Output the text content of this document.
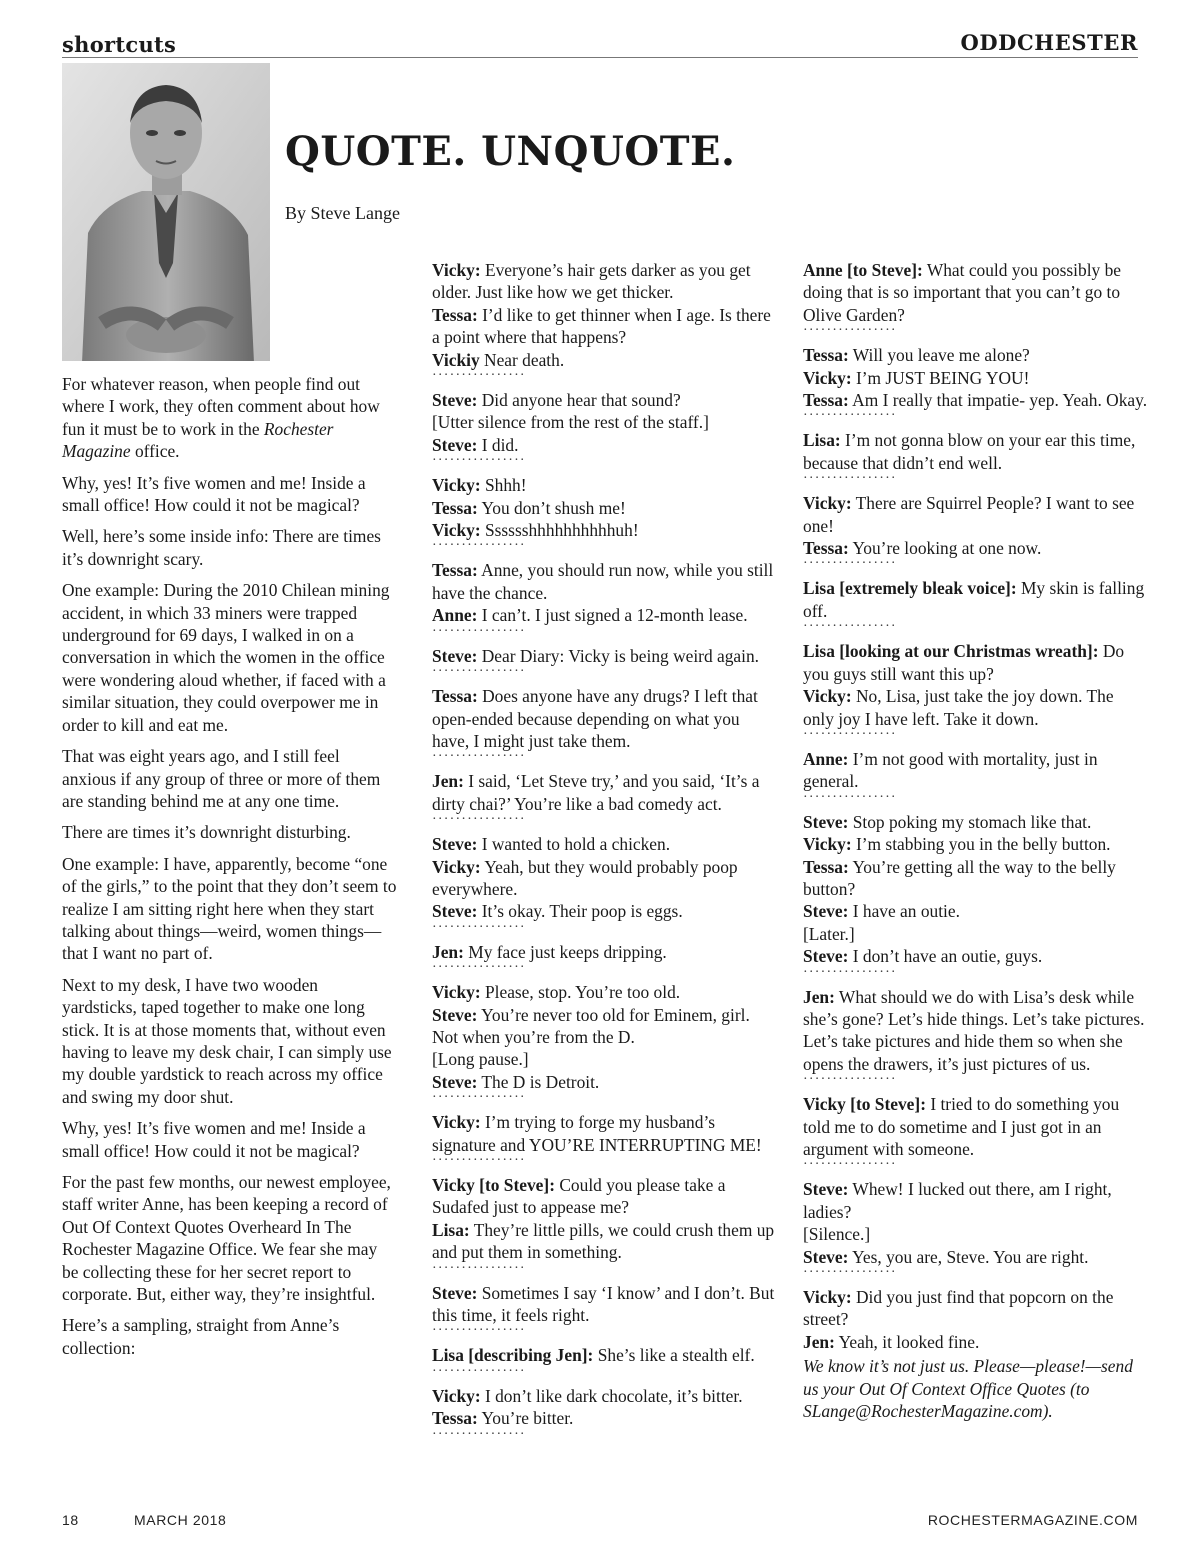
shortcuts	ODDCHESTER
QUOTE. UNQUOTE.
By Steve Lange

For whatever reason, when people find out where I work, they often comment about how fun it must be to work in the Rochester Magazine office.

Why, yes! It’s five women and me! Inside a small office! How could it not be magical?

Well, here’s some inside info: There are times it’s downright scary.

One example: During the 2010 Chilean mining accident, in which 33 miners were trapped underground for 69 days, I walked in on a conversation in which the women in the office were wondering aloud whether, if faced with a similar situation, they could overpower me in order to kill and eat me.

That was eight years ago, and I still feel anxious if any group of three or more of them are standing behind me at any one time.

There are times it’s downright disturbing.

One example: I have, apparently, become “one of the girls,” to the point that they don’t seem to realize I am sitting right here when they start talking about things—weird, women things—that I want no part of.

Next to my desk, I have two wooden yardsticks, taped together to make one long stick. It is at those moments that, without even having to leave my desk chair, I can simply use my double yardstick to reach across my office and swing my door shut.

Why, yes! It’s five women and me! Inside a small office! How could it not be magical?

For the past few months, our newest employee, staff writer Anne, has been keeping a record of Out Of Context Quotes Overheard In The Rochester Magazine Office. We fear she may be collecting these for her secret report to corporate. But, either way, they’re insightful.

Here’s a sampling, straight from Anne’s collection:

Vicky: Everyone’s hair gets darker as you get older. Just like how we get thicker.
Tessa: I’d like to get thinner when I age. Is there a point where that happens?
Vickiy Near death.
················
Steve: Did anyone hear that sound?
[Utter silence from the rest of the staff.]
Steve: I did.
················
Vicky: Shhh!
Tessa: You don’t shush me!
Vicky: Sssssshhhhhhhhhhuh!
················
Tessa: Anne, you should run now, while you still have the chance.
Anne: I can’t. I just signed a 12-month lease.
················
Steve: Dear Diary: Vicky is being weird again.
················
Tessa: Does anyone have any drugs? I left that open-ended because depending on what you have, I might just take them.
················
Jen: I said, ‘Let Steve try,’ and you said, ‘It’s a dirty chai?’ You’re like a bad comedy act.
················
Steve: I wanted to hold a chicken.
Vicky: Yeah, but they would probably poop everywhere.
Steve: It’s okay. Their poop is eggs.
················
Jen: My face just keeps dripping.
················
Vicky: Please, stop. You’re too old.
Steve: You’re never too old for Eminem, girl. Not when you’re from the D.
[Long pause.]
Steve: The D is Detroit.
················
Vicky: I’m trying to forge my husband’s signature and YOU’RE INTERRUPTING ME!
················
Vicky [to Steve]: Could you please take a Sudafed just to appease me?
Lisa: They’re little pills, we could crush them up and put them in something.
················
Steve: Sometimes I say ‘I know’ and I don’t. But this time, it feels right.
················
Lisa [describing Jen]: She’s like a stealth elf.
················
Vicky: I don’t like dark chocolate, it’s bitter.
Tessa: You’re bitter.
················
Anne [to Steve]: What could you possibly be doing that is so important that you can’t go to Olive Garden?
················
Tessa: Will you leave me alone?
Vicky: I’m JUST BEING YOU!
Tessa: Am I really that impatie- yep. Yeah. Okay.
················
Lisa: I’m not gonna blow on your ear this time, because that didn’t end well.
················
Vicky: There are Squirrel People? I want to see one!
Tessa: You’re looking at one now.
················
Lisa [extremely bleak voice]: My skin is falling off.
················
Lisa [looking at our Christmas wreath]: Do you guys still want this up?
Vicky: No, Lisa, just take the joy down. The only joy I have left. Take it down.
················
Anne: I’m not good with mortality, just in general.
················
Steve: Stop poking my stomach like that.
Vicky: I’m stabbing you in the belly button.
Tessa: You’re getting all the way to the belly button?
Steve: I have an outie.
[Later.]
Steve: I don’t have an outie, guys.
················
Jen: What should we do with Lisa’s desk while she’s gone? Let’s hide things. Let’s take pictures. Let’s take pictures and hide them so when she opens the drawers, it’s just pictures of us.
················
Vicky [to Steve]: I tried to do something you told me to do sometime and I just got in an argument with someone.
················
Steve: Whew! I lucked out there, am I right, ladies?
[Silence.]
Steve: Yes, you are, Steve. You are right.
················
Vicky: Did you just find that popcorn on the street?
Jen: Yeah, it looked fine.
We know it’s not just us. Please—please!—send us your Out Of Context Office Quotes (to SLange@RochesterMagazine.com).
18	MARCH 2018	ROCHESTERMAGAZINE.COM
